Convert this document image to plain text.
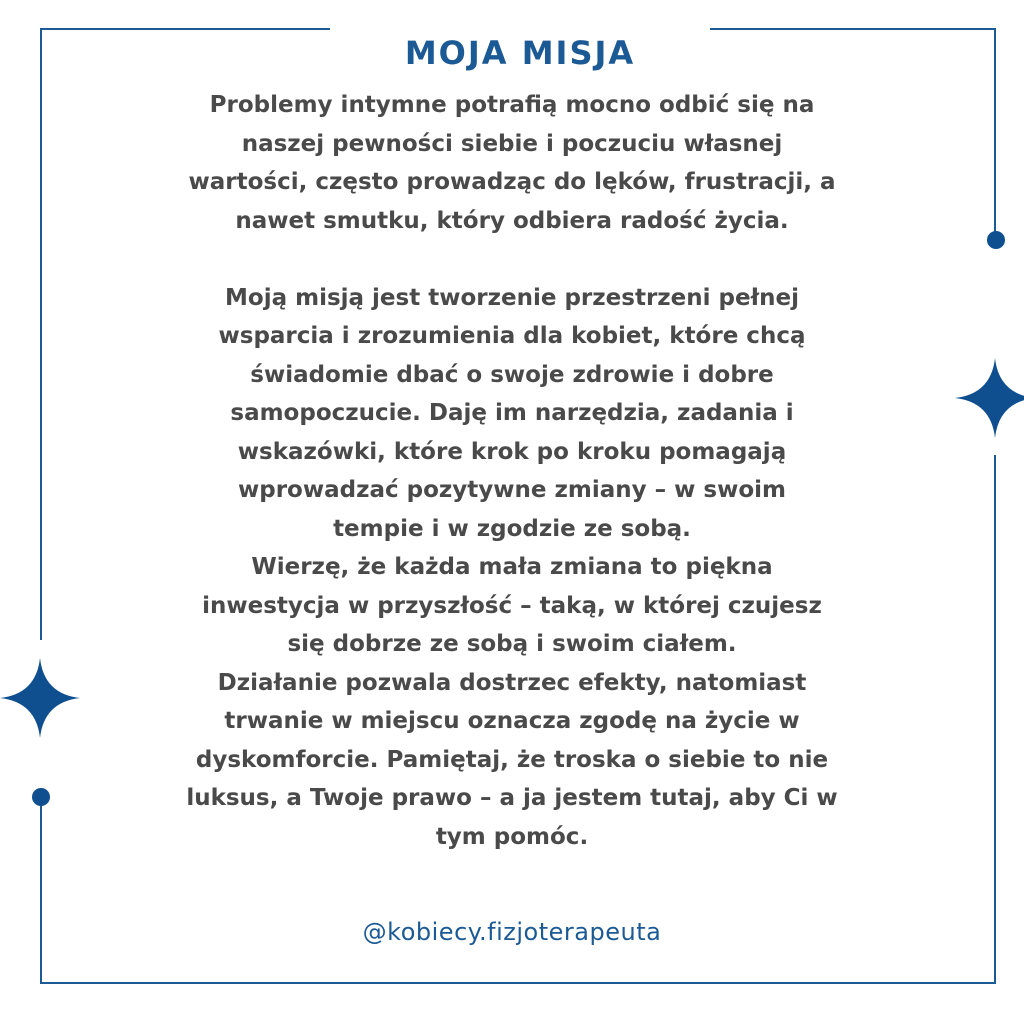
MOJA MISJA

Problemy intymne potrafią mocno odbić się na

naszej pewności siebie i poczuciu własnej

wartości, często prowadząc do lęków, frustracji, a

nawet smutku, który odbiera radość życia.

Moją misją jest tworzenie przestrzeni pełnej

wsparcia i zrozumienia dla kobiet, które chcą

świadomie dbać o swoje zdrowie i dobre

samopoczucie. Daję im narzędzia, zadania i

wskazówki, które krok po kroku pomagają

wprowadzać pozytywne zmiany – w swoim

tempie i w zgodzie ze sobą.

Wierzę, że każda mała zmiana to piękna

inwestycja w przyszłość – taką, w której czujesz

się dobrze ze sobą i swoim ciałem.

Działanie pozwala dostrzec efekty, natomiast

trwanie w miejscu oznacza zgodę na życie w

dyskomforcie. Pamiętaj, że troska o siebie to nie

luksus, a Twoje prawo – a ja jestem tutaj, aby Ci w

tym pomóc.

@kobiecy.fizjoterapeuta
